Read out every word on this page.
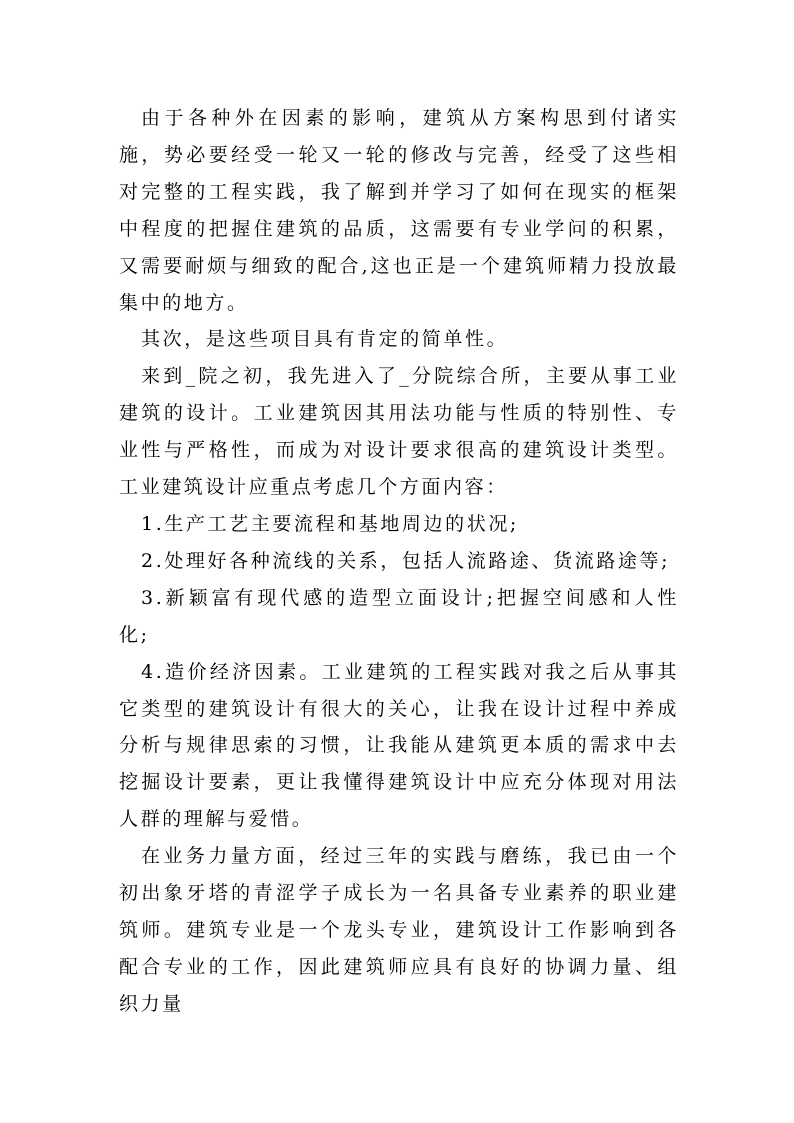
由于各种外在因素的影响，建筑从方案构思到付诸实施，势必要经受一轮又一轮的修改与完善，经受了这些相对完整的工程实践，我了解到并学习了如何在现实的框架中程度的把握住建筑的品质，这需要有专业学问的积累，又需要耐烦与细致的配合,这也正是一个建筑师精力投放最集中的地方。

其次，是这些项目具有肯定的简单性。

来到_院之初，我先进入了_分院综合所，主要从事工业建筑的设计。工业建筑因其用法功能与性质的特别性、专业性与严格性，而成为对设计要求很高的建筑设计类型。工业建筑设计应重点考虑几个方面内容：

1.生产工艺主要流程和基地周边的状况;

2.处理好各种流线的关系，包括人流路途、货流路途等;

3.新颖富有现代感的造型立面设计;把握空间感和人性化;

4.造价经济因素。工业建筑的工程实践对我之后从事其它类型的建筑设计有很大的关心，让我在设计过程中养成分析与规律思索的习惯，让我能从建筑更本质的需求中去挖掘设计要素，更让我懂得建筑设计中应充分体现对用法人群的理解与爱惜。

在业务力量方面，经过三年的实践与磨练，我已由一个初出象牙塔的青涩学子成长为一名具备专业素养的职业建筑师。建筑专业是一个龙头专业，建筑设计工作影响到各配合专业的工作，因此建筑师应具有良好的协调力量、组织力量
